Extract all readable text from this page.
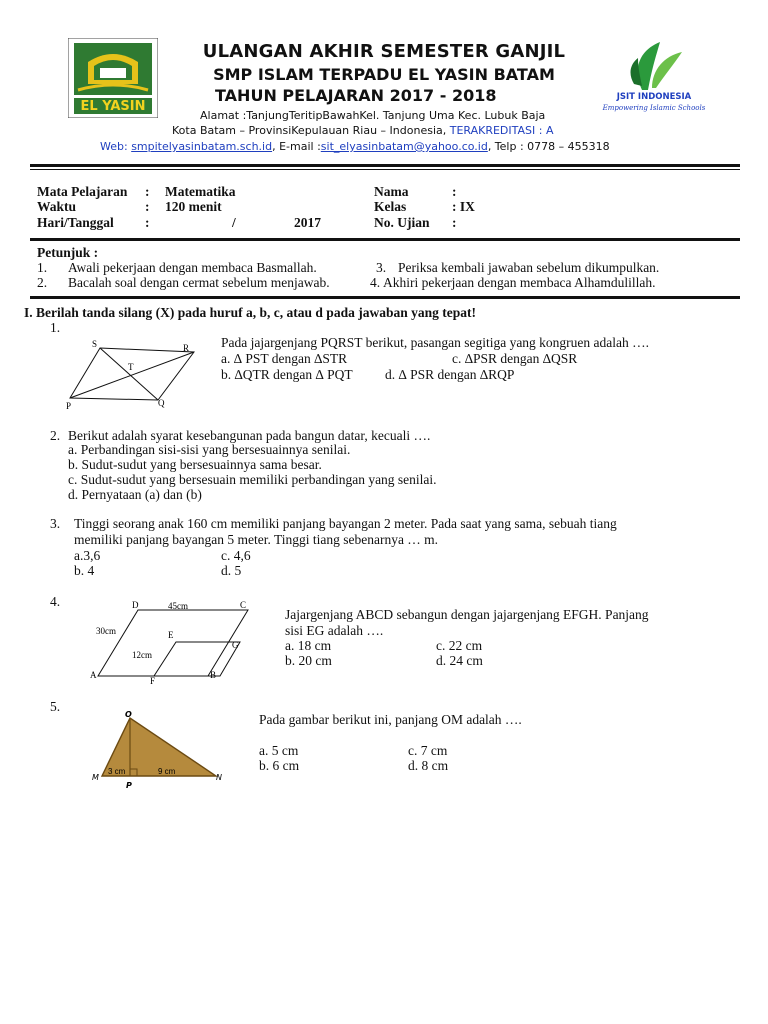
EL YASIN
JSIT INDONESIA
Empowering Islamic Schools
ULANGAN AKHIR SEMESTER GANJIL
SMP ISLAM TERPADU EL YASIN BATAM
TAHUN PELAJARAN 2017 - 2018
Alamat :TanjungTeritipBawahKel. Tanjung Uma Kec. Lubuk Baja
Kota Batam – ProvinsiKepulauan Riau – Indonesia, TERAKREDITASI : A
Web: smpitelyasinbatam.sch.id, E-mail :sit_elyasinbatam@yahoo.co.id, Telp : 0778 – 455318
Mata Pelajaran : Matematika
Waktu	: 120 menit
Hari/Tanggal :	/	2017
Nama	:
Kelas	: IX
No. Ujian :
Petunjuk :
1. Awali pekerjaan dengan membaca Basmallah.
2. Bacalah soal dengan cermat sebelum menjawab.
3. Periksa kembali jawaban sebelum dikumpulkan.
4. Akhiri pekerjaan dengan membaca Alhamdulillah.
I. Berilah tanda silang (X) pada huruf a, b, c, atau d pada jawaban yang tepat!
1.
S	R
T
P	Q
Pada jajargenjang PQRST berikut, pasangan segitiga yang kongruen adalah ….
a. ∆ PST dengan ∆STR	c. ∆PSR dengan ∆QSR
b. ∆QTR dengan ∆ PQT d. ∆ PSR dengan ∆RQP
2. Berikut adalah syarat kesebangunan pada bangun datar, kecuali ….
a. Perbandingan sisi-sisi yang bersesuainnya senilai.
b. Sudut-sudut yang bersesuainnya sama besar.
c. Sudut-sudut yang bersesuain memiliki perbandingan yang senilai.
d. Pernyataan (a) dan (b)
3. Tinggi seorang anak 160 cm memiliki panjang bayangan 2 meter. Pada saat yang sama, sebuah tiang
memiliki panjang bayangan 5 meter. Tinggi tiang sebenarnya … m.
a.3,6	c. 4,6
b. 4	d. 5
4.	D	C
E
G
A
F
B
45cm
30cm
12cm
Jajargenjang ABCD sebangun dengan jajargenjang EFGH. Panjang
sisi EG adalah ….
a. 18 cm	c. 22 cm
b. 20 cm	d. 24 cm
5.
O
M
P
N
3 cm	9 cm
Pada gambar berikut ini, panjang OM adalah ….
a. 5 cm	c. 7 cm
b. 6 cm	d. 8 cm
